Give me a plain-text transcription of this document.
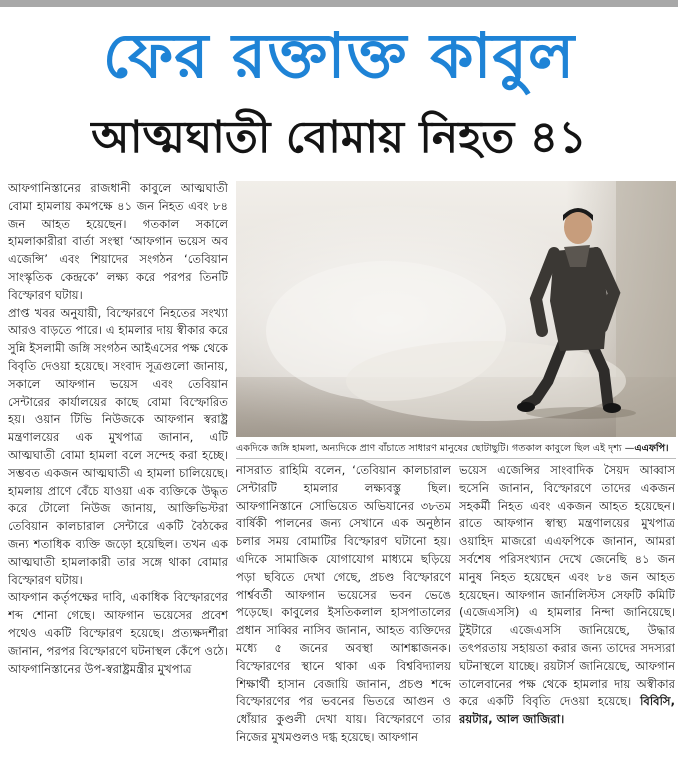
ফের রক্তাক্ত কাবুল
আত্মঘাতী বোমায় নিহত ৪১

আফগানিস্তানের রাজধানী কাবুলে আত্মঘাতী বোমা হামলায় কমপক্ষে ৪১ জন নিহত এবং ৮৪ জন আহত হয়েছেন। গতকাল সকালে হামলাকারীরা বার্তা সংস্থা ‘আফগান ভয়েস অব এজেন্সি’ এবং শিয়াদের সংগঠন ‘তেবিয়ান সাংস্কৃতিক কেন্দ্রকে’ লক্ষ্য করে পরপর তিনটি বিস্ফোরণ ঘটায়।

প্রাপ্ত খবর অনুযায়ী, বিস্ফোরণে নিহতের সংখ্যা আরও বাড়তে পারে। এ হামলার দায় স্বীকার করে সুন্নি ইসলামী জঙ্গি সংগঠন আইএসের পক্ষ থেকে বিবৃতি দেওয়া হয়েছে। সংবাদ সূত্রগুলো জানায়, সকালে আফগান ভয়েস এবং তেবিয়ান সেন্টারের কার্যালয়ের কাছে বোমা বিস্ফোরিত হয়। ওয়ান টিভি নিউজকে আফগান স্বরাষ্ট্র মন্ত্রণালয়ের এক মুখপাত্র জানান, এটি আত্মঘাতী বোমা হামলা বলে সন্দেহ করা হচ্ছে। সম্ভবত একজন আত্মঘাতী এ হামলা চালিয়েছে। হামলায় প্রাণে বেঁচে যাওয়া এক ব্যক্তিকে উদ্ধৃত করে টোলো নিউজ জানায়, আক্তিভিস্টরা তেবিয়ান কালচারাল সেন্টারে একটি বৈঠকের জন্য শতাধিক ব্যক্তি জড়ো হয়েছিল। তখন এক আত্মঘাতী হামলাকারী তার সঙ্গে থাকা বোমার বিস্ফোরণ ঘটায়।

আফগান কর্তৃপক্ষের দাবি, একাধিক বিস্ফোরণের শব্দ শোনা গেছে। আফগান ভয়েসের প্রবেশ পথেও একটি বিস্ফোরণ হয়েছে। প্রত্যক্ষদর্শীরা জানান, পরপর বিস্ফোরণে ঘটনাস্থল কেঁপে ওঠে। আফগানিস্তানের উপ-স্বরাষ্ট্রমন্ত্রীর মুখপাত্র

একদিকে জঙ্গি হামলা, অন্যদিকে প্রাণ বাঁচাতে সাধারণ মানুষের ছোটাছুটি। গতকাল কাবুলে ছিল এই দৃশ্য —এএফপি।

নাসরাত রাহিমি বলেন, ‘তেবিয়ান কালচারাল সেন্টারটি হামলার লক্ষ্যবস্তু ছিল। আফগানিস্তানে সোভিয়েত অভিযানের ৩৮তম বার্ষিকী পালনের জন্য সেখানে এক অনুষ্ঠান চলার সময় বোমাটির বিস্ফোরণ ঘটানো হয়। এদিকে সামাজিক যোগাযোগ মাধ্যমে ছড়িয়ে পড়া ছবিতে দেখা গেছে, প্রচণ্ড বিস্ফোরণে পার্শ্ববর্তী আফগান ভয়েসের ভবন ভেঙে পড়েছে। কাবুলের ইসতিকলাল হাসপাতালের প্রধান সাব্বির নাসিব জানান, আহত ব্যক্তিদের মধ্যে ৫ জনের অবস্থা আশঙ্কাজনক। বিস্ফোরণের স্থানে থাকা এক বিশ্ববিদ্যালয় শিক্ষার্থী হাসান বেজায়ি জানান, প্রচণ্ড শব্দে বিস্ফোরণের পর ভবনের ভিতরে আগুন ও ধোঁয়ার কুণ্ডলী দেখা যায়। বিস্ফোরণে তার নিজের মুখমণ্ডলও দগ্ধ হয়েছে। আফগান

ভয়েস এজেন্সির সাংবাদিক সৈয়দ আব্বাস হুসেনি জানান, বিস্ফোরণে তাদের একজন সহকর্মী নিহত এবং একজন আহত হয়েছেন। রাতে আফগান স্বাস্থ্য মন্ত্রণালয়ের মুখপাত্র ওয়াহিদ মাজরো এএফপিকে জানান, আমরা সর্বশেষ পরিসংখ্যান দেখে জেনেছি ৪১ জন মানুষ নিহত হয়েছেন এবং ৮৪ জন আহত হয়েছেন। আফগান জার্নালিস্টস সেফটি কমিটি (এজেএসসি) এ হামলার নিন্দা জানিয়েছে। টুইটারে এজেএসসি জানিয়েছে, উদ্ধার তৎপরতায় সহায়তা করার জন্য তাদের সদস্যরা ঘটনাস্থলে যাচ্ছে। রয়টার্স জানিয়েছে, আফগান তালেবানের পক্ষ থেকে হামলার দায় অস্বীকার করে একটি বিবৃতি দেওয়া হয়েছে। বিবিসি, রয়টার, আল জাজিরা।
